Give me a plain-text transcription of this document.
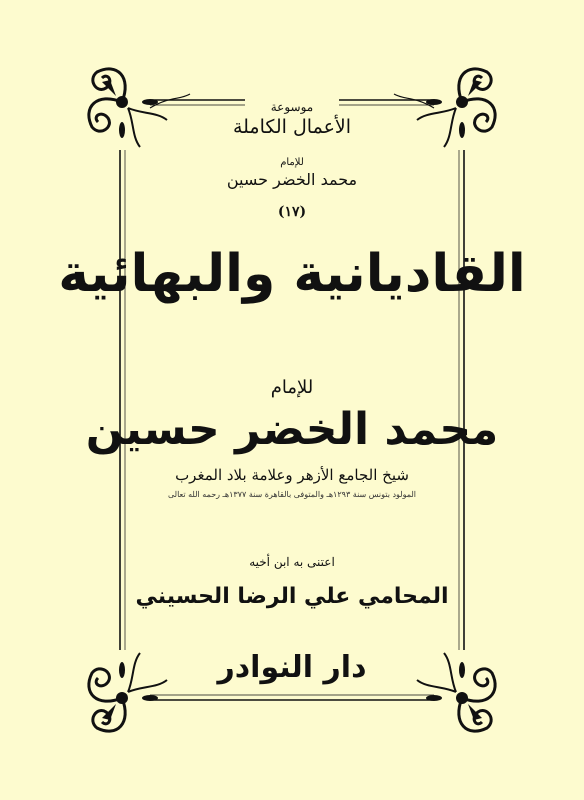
موسوعة
الأعمال الكاملة
للإمام
محمد الخضر حسين
(١٧)
القاديانية والبهائية
للإمام
محمد الخضر حسين
شيخ الجامع الأزهر وعلامة بلاد المغرب
المولود بتونس سنة ١٢٩٣هـ والمتوفى بالقاهرة سنة ١٣٧٧هـ رحمه الله تعالى
اعتنى به ابن أخيه
المحامي علي الرضا الحسيني
دار النوادر
